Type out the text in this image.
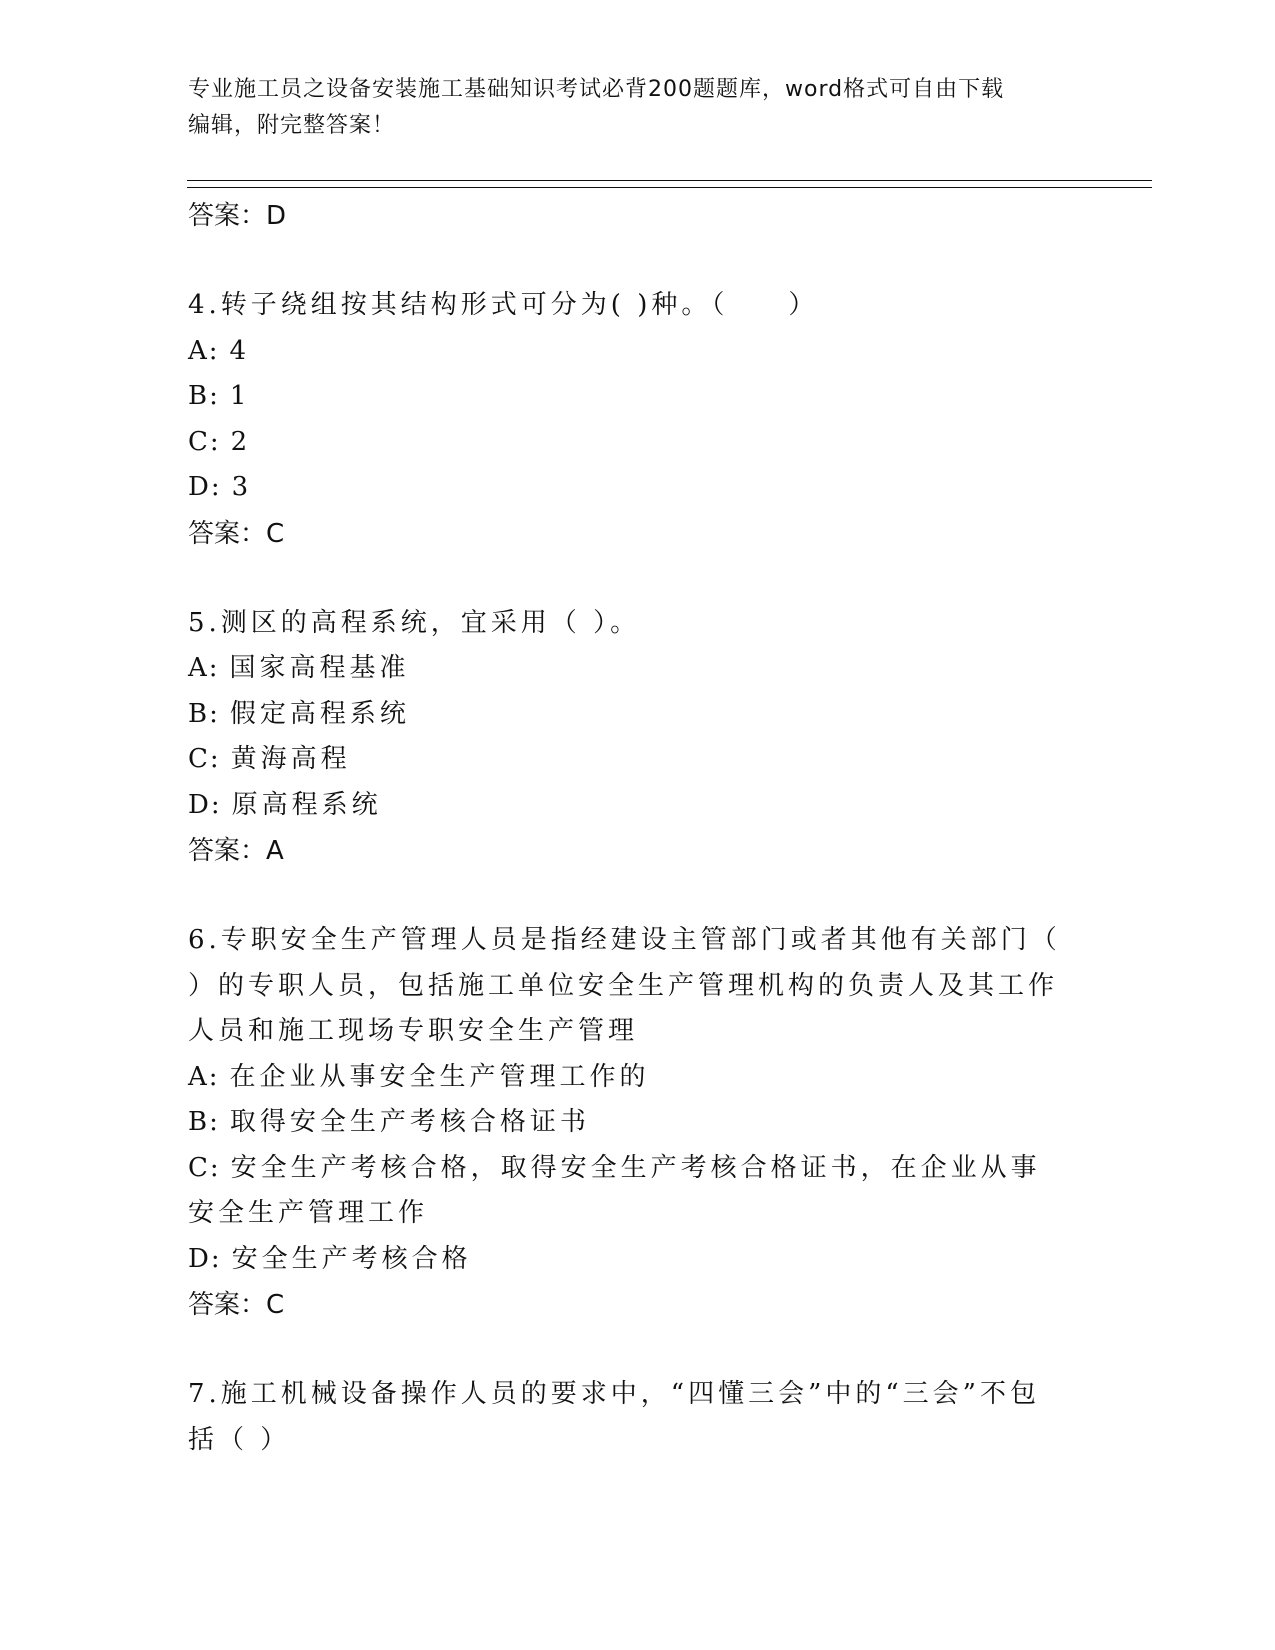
专业施工员之设备安装施工基础知识考试必背200题题库，word格式可自由下载
编辑，附完整答案！
答案：D
4.转子绕组按其结构形式可分为( )种。（　　）
A: 4
B: 1
C: 2
D: 3
答案：C
5.测区的高程系统，宜采用（ ）。
A: 国家高程基准
B: 假定高程系统
C: 黄海高程
D: 原高程系统
答案：A
6.专职安全生产管理人员是指经建设主管部门或者其他有关部门（ ）的专职人员，包括施工单位安全生产管理机构的负责人及其工作人员和施工现场专职安全生产管理
A: 在企业从事安全生产管理工作的
B: 取得安全生产考核合格证书
C: 安全生产考核合格，取得安全生产考核合格证书，在企业从事安全生产管理工作
D: 安全生产考核合格
答案：C
7.施工机械设备操作人员的要求中，“四懂三会”中的“三会”不包括（ ）
